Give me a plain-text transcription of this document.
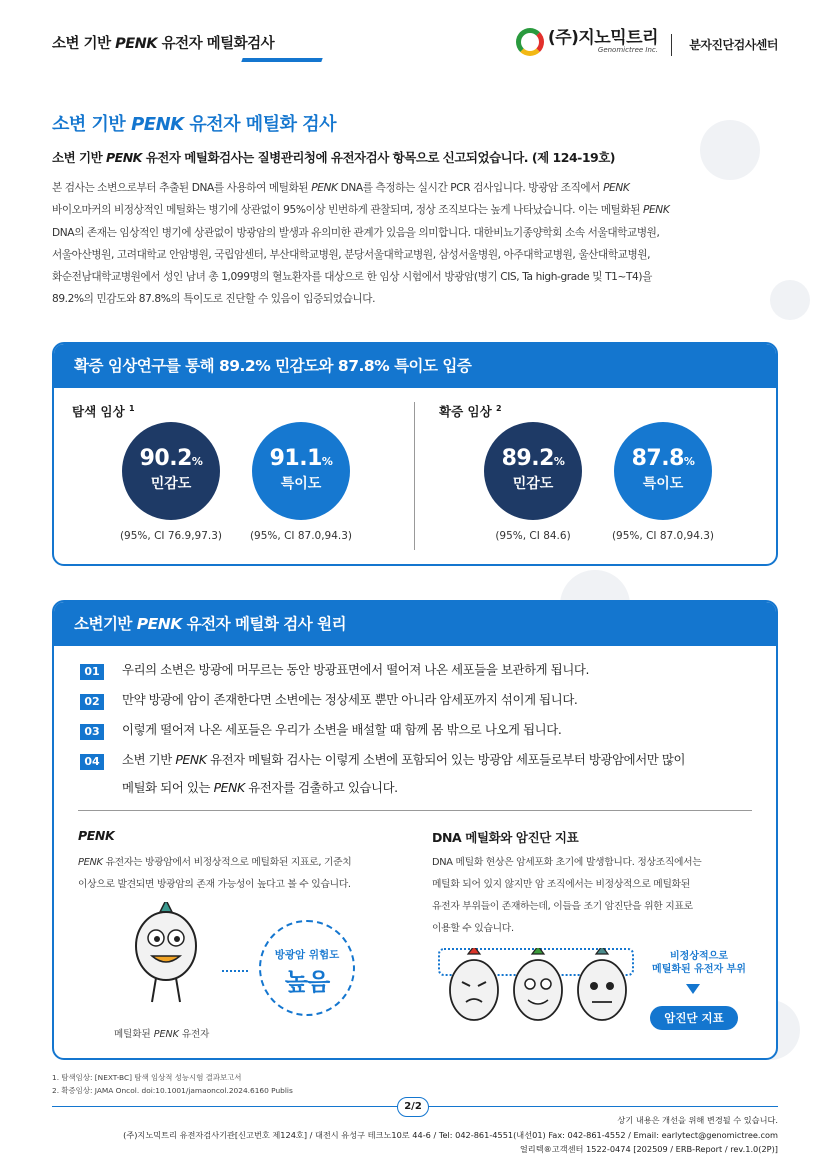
소변 기반 PENK 유전자 메틸화검사	(주)지노믹트리
Genomictree Inc.	분자진단검사센터
소변 기반 PENK 유전자 메틸화 검사
소변 기반 PENK 유전자 메틸화검사는 질병관리청에 유전자검사 항목으로 신고되었습니다. (제 124-19호)

본 검사는 소변으로부터 추출된 DNA를 사용하여 메틸화된 PENK DNA를 측정하는 실시간 PCR 검사입니다. 방광암 조직에서 PENK

바이오마커의 비정상적인 메틸화는 병기에 상관없이 95%이상 빈번하게 관찰되며, 정상 조직보다는 높게 나타났습니다. 이는 메틸화된 PENK

DNA의 존재는 임상적인 병기에 상관없이 방광암의 발생과 유의미한 관계가 있음을 의미합니다. 대한비뇨기종양학회 소속 서울대학교병원,

서울아산병원, 고려대학교 안암병원, 국립암센터, 부산대학교병원, 분당서울대학교병원, 삼성서울병원, 아주대학교병원, 울산대학교병원,

화순전남대학교병원에서 성인 남녀 총 1,099명의 혈뇨환자를 대상으로 한 임상 시험에서 방광암(병기 CIS, Ta high-grade 및 T1~T4)을

89.2%의 민감도와 87.8%의 특이도로 진단할 수 있음이 입증되었습니다.

확증 임상연구를 통해 89.2% 민감도와 87.8% 특이도 입증
탐색 임상 $^1$
90.2%
민감도
91.1%
특이도
(95%, CI 76.9,97.3)	(95%, CI 87.0,94.3)
확증 임상 $^2$
89.2%
민감도
87.8%
특이도
(95%, CI 84.6)	(95%, CI 87.0,94.3)
소변기반 PENK 유전자 메틸화 검사 원리
01	우리의 소변은 방광에 머무르는 동안 방광표면에서 떨어져 나온 세포들을 보관하게 됩니다.
02	만약 방광에 암이 존재한다면 소변에는 정상세포 뿐만 아니라 암세포까지 섞이게 됩니다.
03	이렇게 떨어져 나온 세포들은 우리가 소변을 배설할 때 함께 몸 밖으로 나오게 됩니다.
04	소변 기반 PENK 유전자 메틸화 검사는 이렇게 소변에 포함되어 있는 방광암 세포들로부터 방광암에서만 많이
메틸화 되어 있는 PENK 유전자를 검출하고 있습니다.
PENK

PENK 유전자는 방광암에서 비정상적으로 메틸화된 지표로, 기준치

이상으로 발견되면 방광암의 존재 가능성이 높다고 볼 수 있습니다.

방광암 위험도
높음
메틸화된 PENK 유전자
DNA 메틸화와 암진단 지표

DNA 메틸화 현상은 암세포화 초기에 발생합니다. 정상조직에서는

메틸화 되어 있지 않지만 암 조직에서는 비정상적으로 메틸화된

유전자 부위들이 존재하는데, 이들을 조기 암진단을 위한 지표로

이용할 수 있습니다.

비정상적으로
메틸화된 유전자 부위
암진단 지표
1. 탐색임상: [NEXT-BC] 탐색 임상적 성능시험 결과보고서
2. 확증임상: JAMA Oncol. doi:10.1001/jamaoncol.2024.6160 Publis
2/2
상기 내용은 개선을 위해 변경될 수 있습니다.
(주)지노믹트리 유전자검사기관[신고번호 제124호] / 대전시 유성구 테크노10로 44-6 / Tel: 042-861-4551(내선01) Fax: 042-861-4552 / Email: earlytect@genomictree.com
얼리텍®고객센터 1522-0474 [202509 / ERB-Report / rev.1.0(2P)]
